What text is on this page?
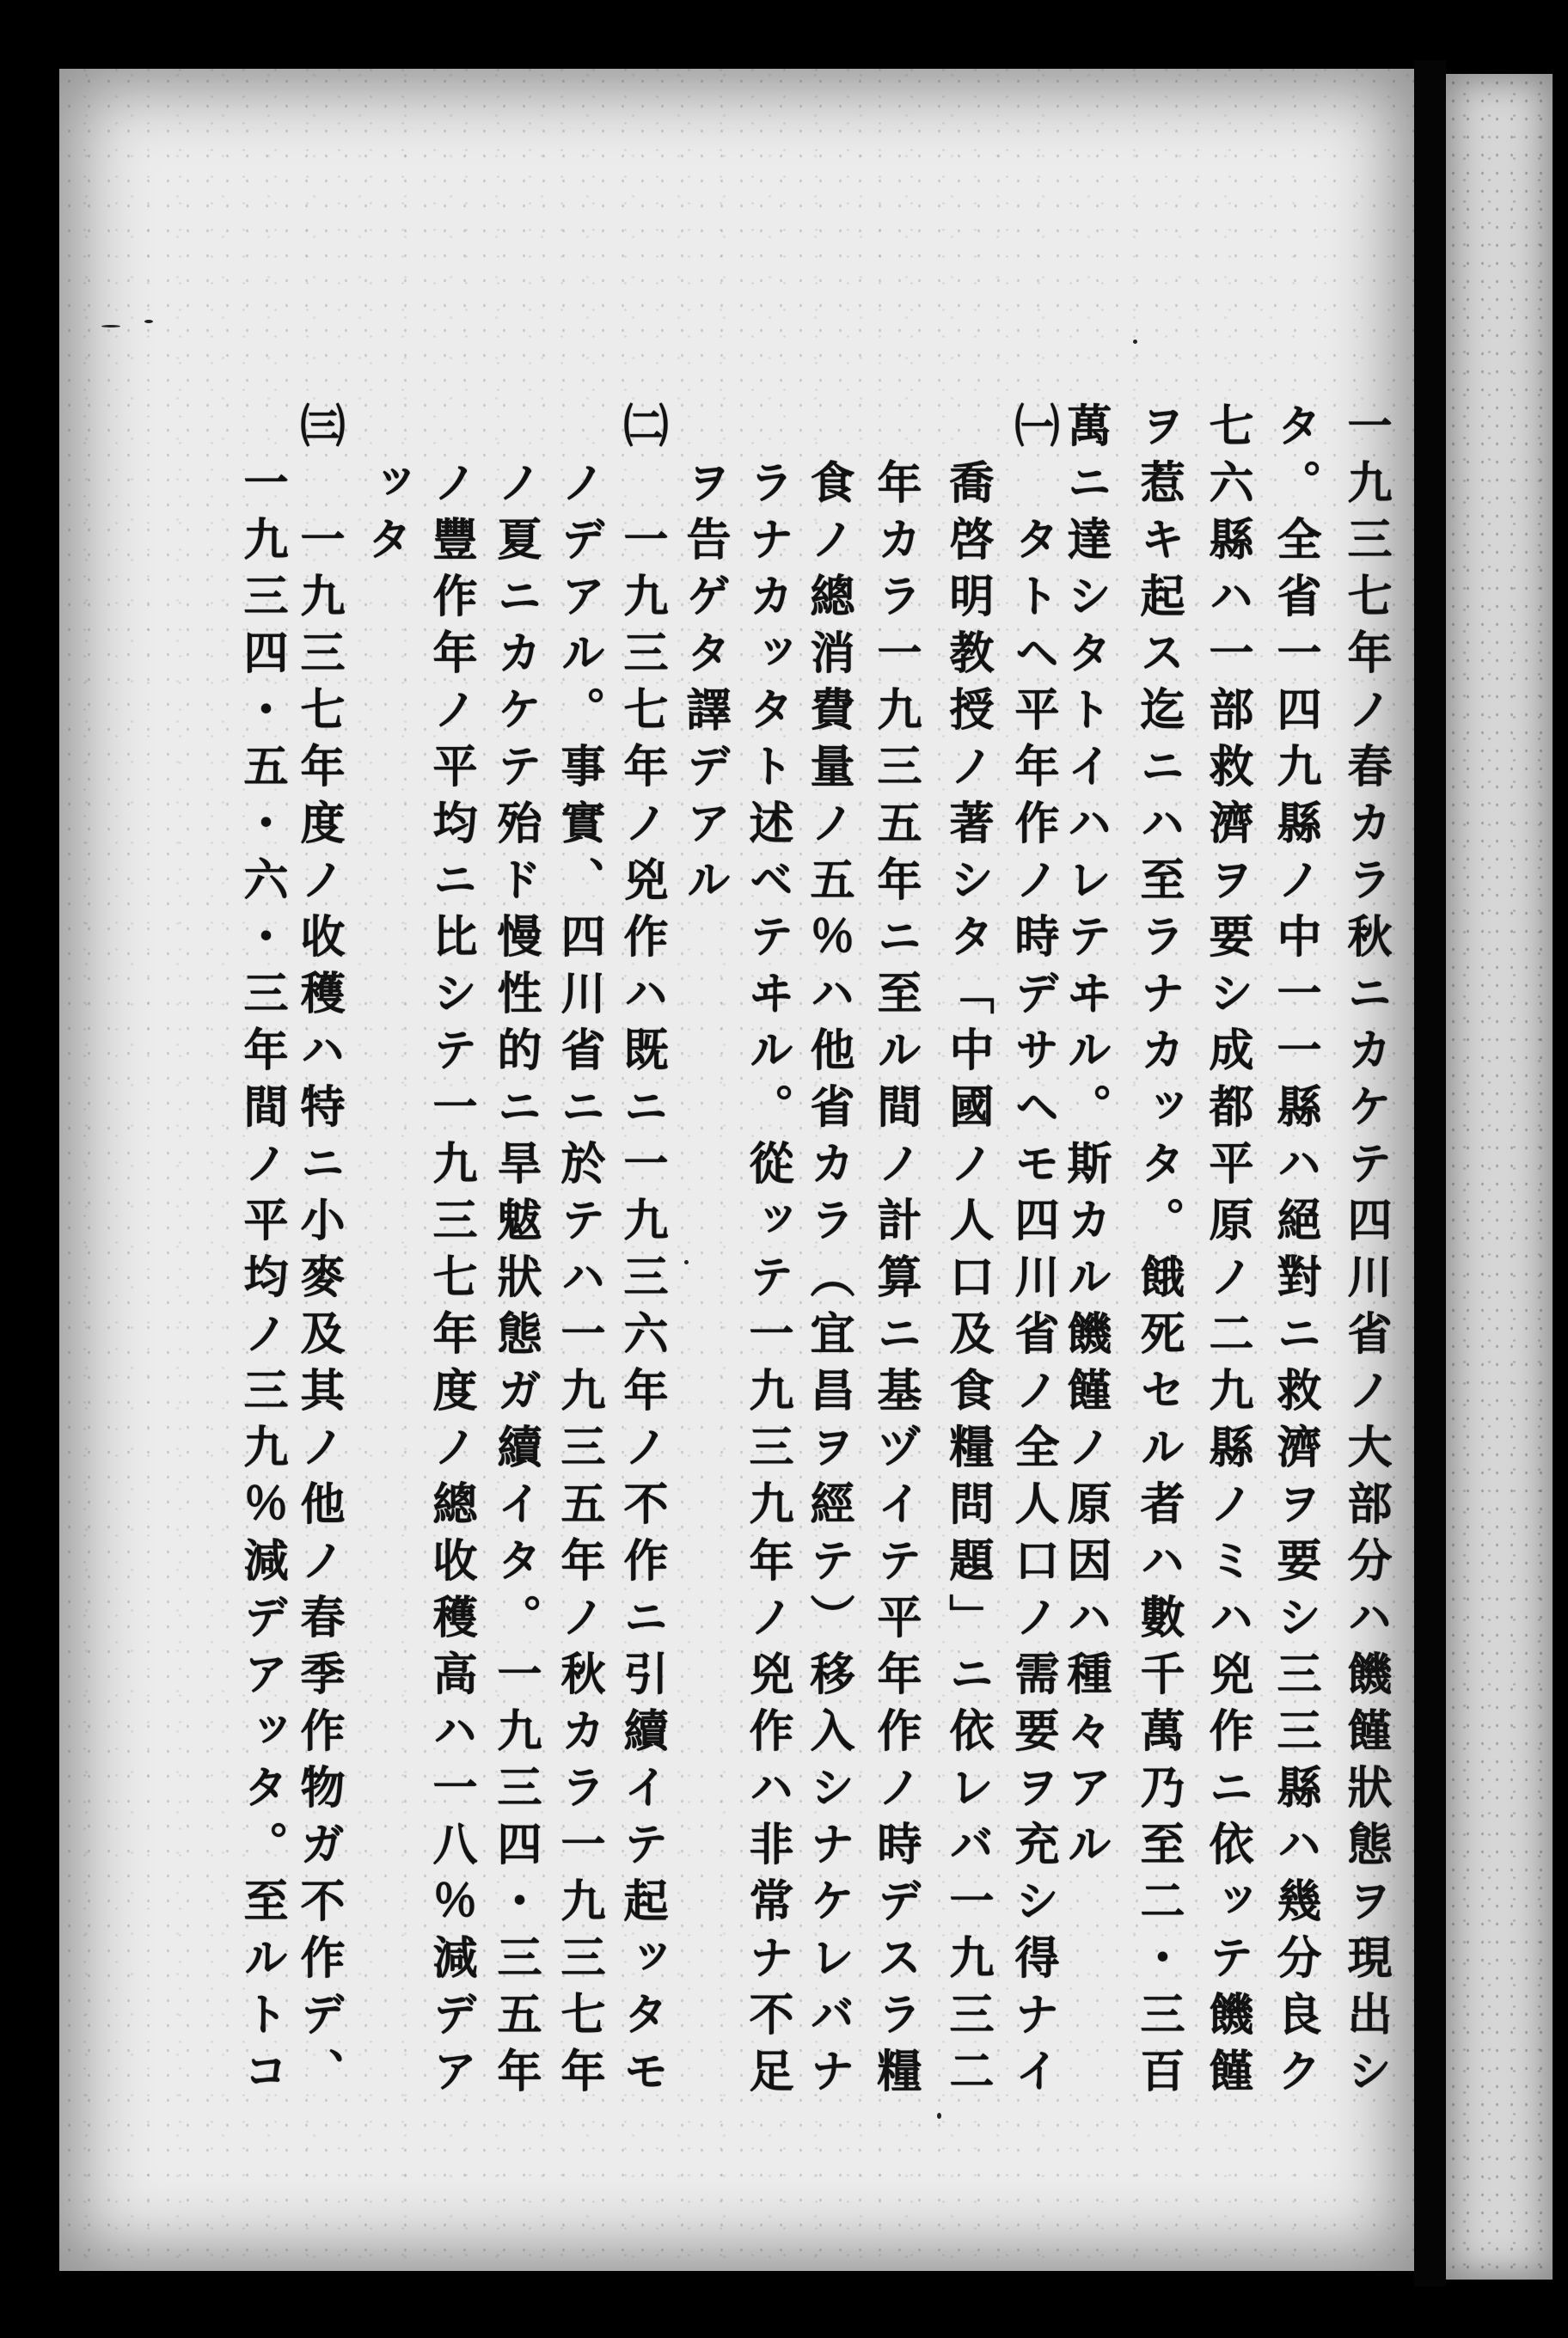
一九三七年ノ春カラ秋ニカケテ四川省ノ大部分ハ饑饉狀態ヲ現出シ
タ。全省一四九縣ノ中一一縣ハ絕對ニ救濟ヲ要シ三三縣ハ幾分良ク
七六縣ハ一部救濟ヲ要シ成都平原ノ二九縣ノミハ兇作ニ依ッテ饑饉
ヲ惹キ起ス迄ニハ至ラナカッタ。餓死セル者ハ數千萬乃至二・三百
萬ニ達シタトイハレテヰル。斯カル饑饉ノ原因ハ種々アル
㈠
タトヘ平年作ノ時デサヘモ四川省ノ全人口ノ需要ヲ充シ得ナイ
喬啓明教授ノ著シタ「中國ノ人口及食糧問題」ニ依レバ一九三二
年カラ一九三五年ニ至ル間ノ計算ニ基ヅイテ平年作ノ時デスラ糧
食ノ總消費量ノ五％ハ他省カラ（宜昌ヲ經テ）移入シナケレバナ
ラナカッタト述ベテヰル。從ッテ一九三九年ノ兇作ハ非常ナ不足
ヲ告ゲタ譯デアル
㈡
一九三七年ノ兇作ハ既ニ一九三六年ノ不作ニ引續イテ起ッタモ
ノデアル。事實、四川省ニ於テハ一九三五年ノ秋カラ一九三七年
ノ夏ニカケテ殆ド慢性的ニ旱魃狀態ガ續イタ。一九三四・三五年
ノ豐作年ノ平均ニ比シテ一九三七年度ノ總收穫高ハ一八％減デア
ッタ
㈢
一九三七年度ノ收穫ハ特ニ小麥及其ノ他ノ春季作物ガ不作デ、
一九三四・五・六・三年間ノ平均ノ三九％減デアッタ。至ルトコ
